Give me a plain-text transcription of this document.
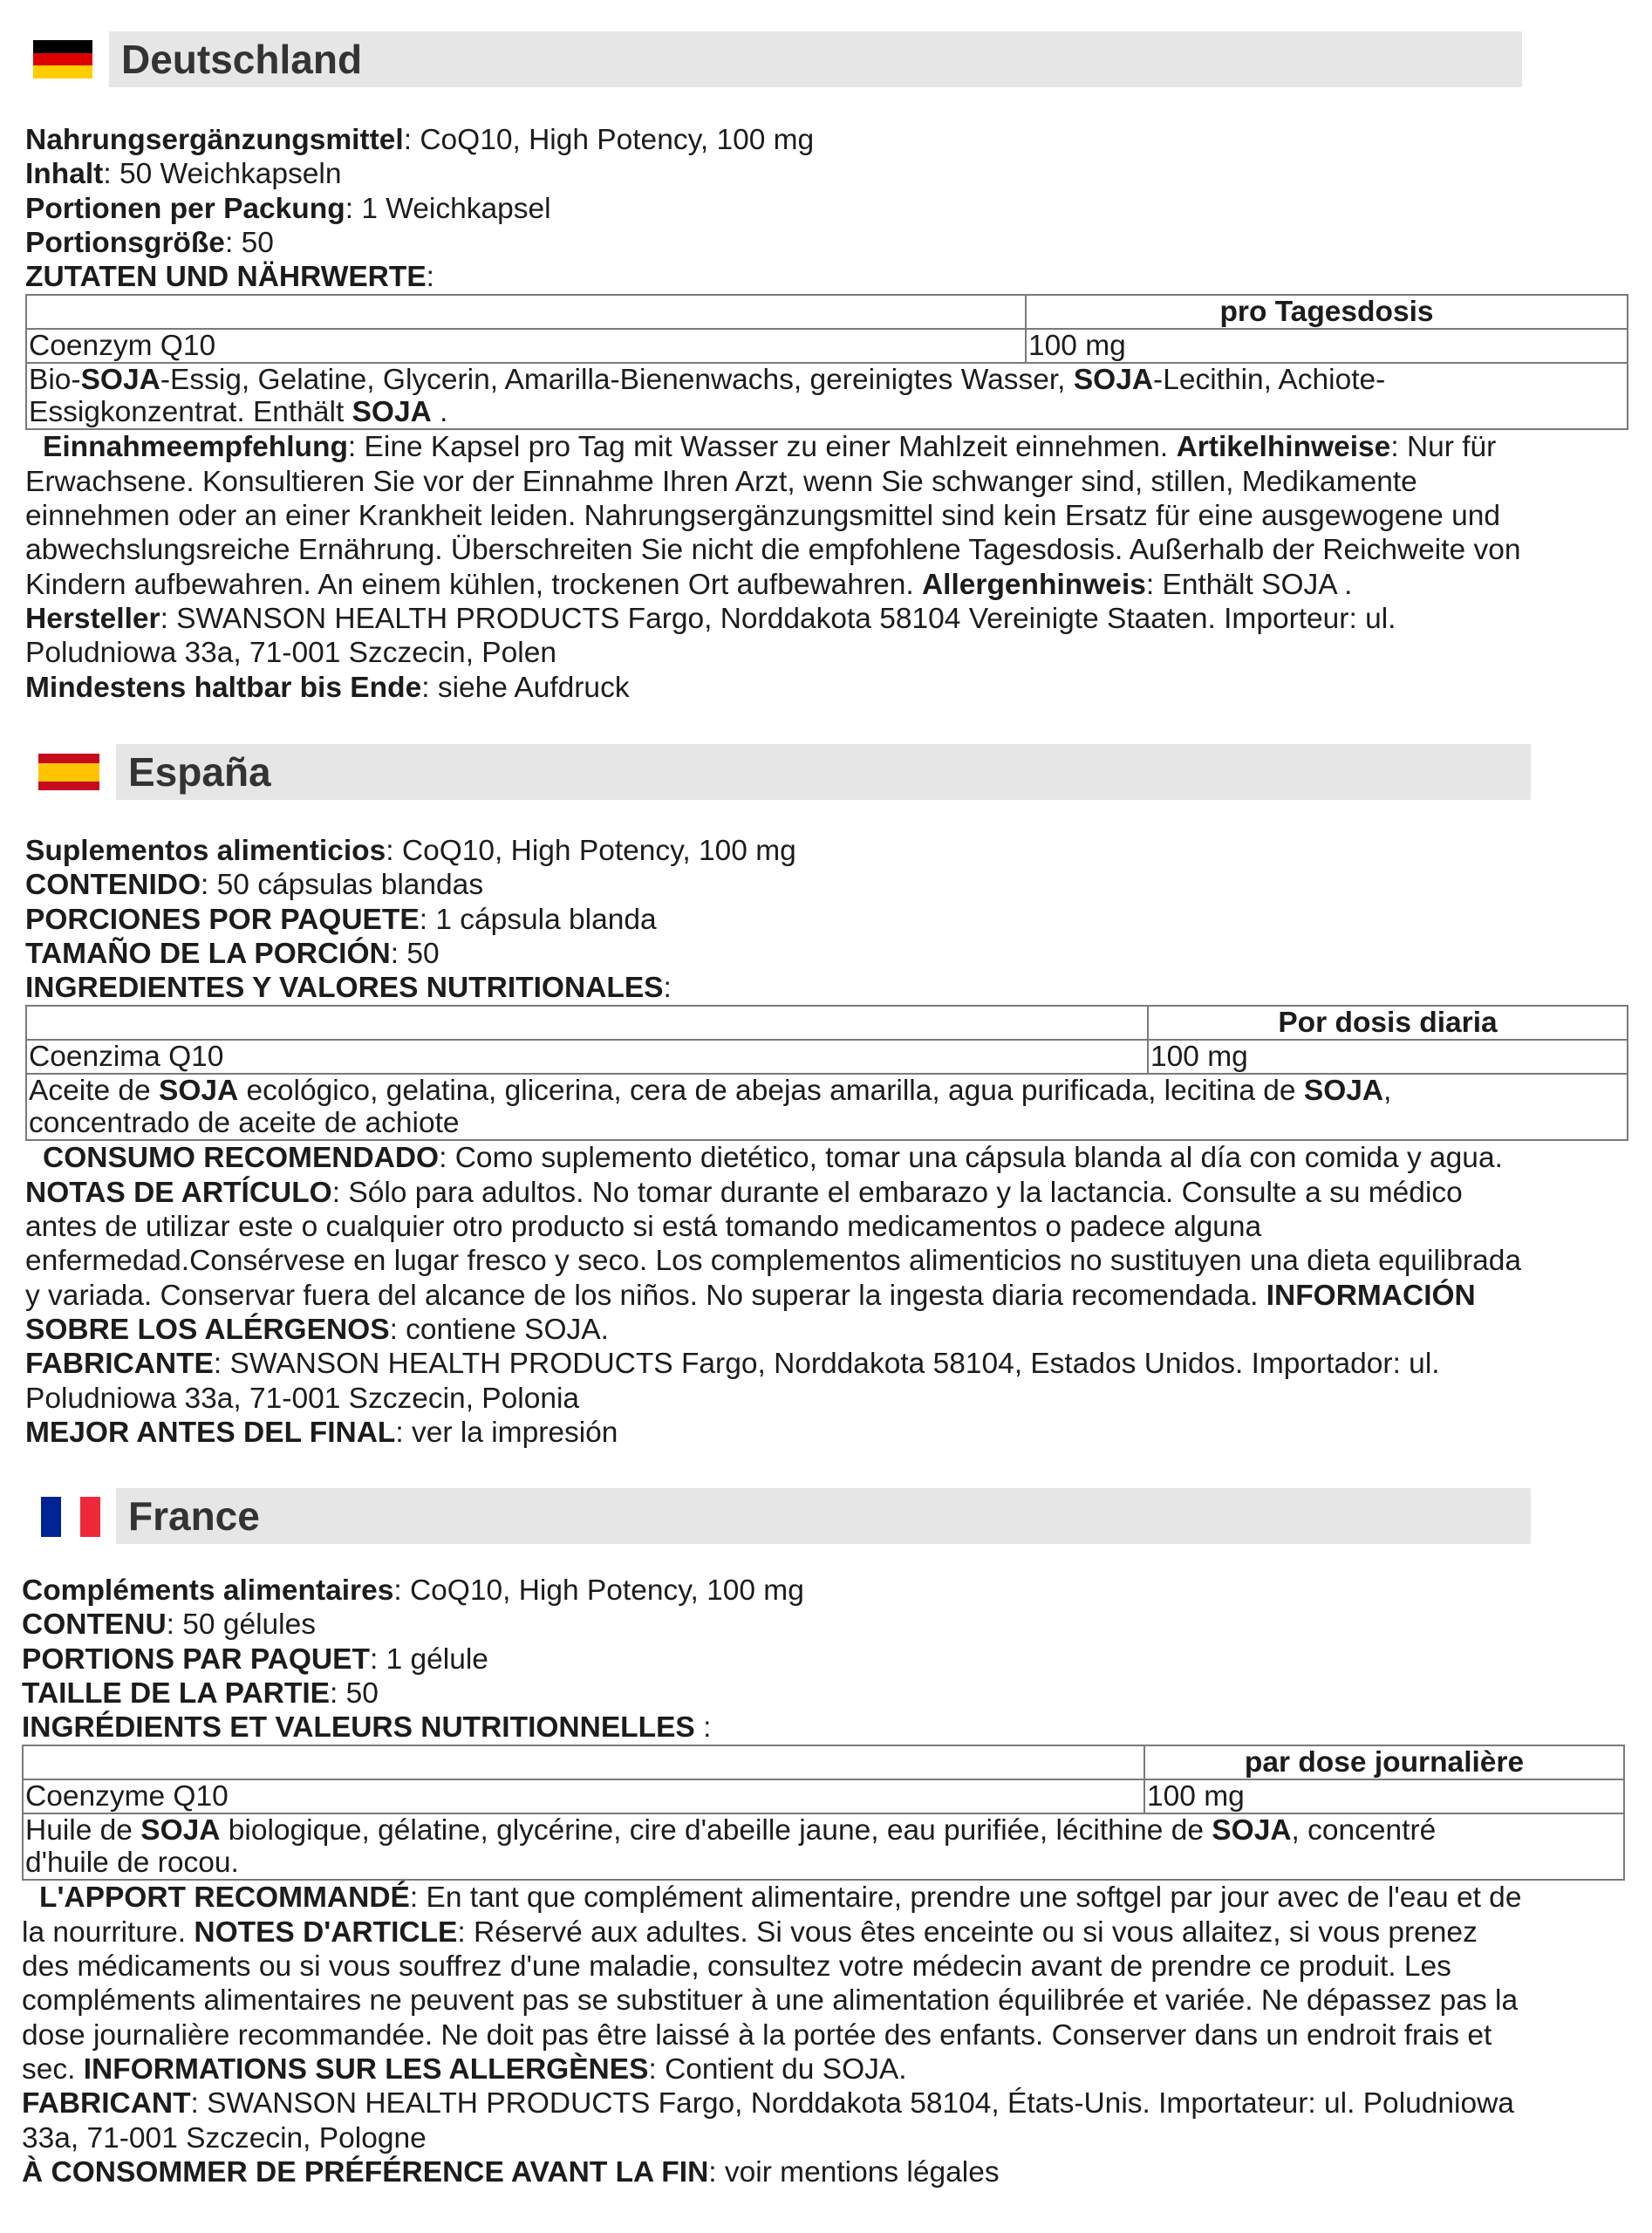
Deutschland
Nahrungsergänzungsmittel: CoQ10, High Potency, 100 mg
Inhalt: 50 Weichkapseln
Portionen per Packung: 1 Weichkapsel
Portionsgröße: 50
ZUTATEN UND NÄHRWERTE:
	pro Tagesdosis
Coenzym Q10	100 mg

Bio-SOJA-Essig, Gelatine, Glycerin, Amarilla-Bienenwachs, gereinigtes Wasser, SOJA-Lecithin, Achiote-
Essigkonzentrat. Enthält SOJA .	
Einnahmeempfehlung: Eine Kapsel pro Tag mit Wasser zu einer Mahlzeit einnehmen. Artikelhinweise: Nur für
Erwachsene. Konsultieren Sie vor der Einnahme Ihren Arzt, wenn Sie schwanger sind, stillen, Medikamente
einnehmen oder an einer Krankheit leiden. Nahrungsergänzungsmittel sind kein Ersatz für eine ausgewogene und
abwechslungsreiche Ernährung. Überschreiten Sie nicht die empfohlene Tagesdosis. Außerhalb der Reichweite von
Kindern aufbewahren. An einem kühlen, trockenen Ort aufbewahren. Allergenhinweis: Enthält SOJA .
Hersteller: SWANSON HEALTH PRODUCTS Fargo, Norddakota 58104 Vereinigte Staaten. Importeur: ul.
Poludniowa 33a, 71-001 Szczecin, Polen
Mindestens haltbar bis Ende: siehe Aufdruck
España
Suplementos alimenticios: CoQ10, High Potency, 100 mg
CONTENIDO: 50 cápsulas blandas
PORCIONES POR PAQUETE: 1 cápsula blanda
TAMAÑO DE LA PORCIÓN: 50
INGREDIENTES Y VALORES NUTRITIONALES:
	Por dosis diaria
Coenzima Q10	100 mg

Aceite de SOJA ecológico, gelatina, glicerina, cera de abejas amarilla, agua purificada, lecitina de SOJA,
concentrado de aceite de achiote	
CONSUMO RECOMENDADO: Como suplemento dietético, tomar una cápsula blanda al día con comida y agua.
NOTAS DE ARTÍCULO: Sólo para adultos. No tomar durante el embarazo y la lactancia. Consulte a su médico
antes de utilizar este o cualquier otro producto si está tomando medicamentos o padece alguna
enfermedad.Consérvese en lugar fresco y seco. Los complementos alimenticios no sustituyen una dieta equilibrada
y variada. Conservar fuera del alcance de los niños. No superar la ingesta diaria recomendada. INFORMACIÓN
SOBRE LOS ALÉRGENOS: contiene SOJA.
FABRICANTE: SWANSON HEALTH PRODUCTS Fargo, Norddakota 58104, Estados Unidos. Importador: ul.
Poludniowa 33a, 71-001 Szczecin, Polonia
MEJOR ANTES DEL FINAL: ver la impresión
France
Compléments alimentaires: CoQ10, High Potency, 100 mg
CONTENU: 50 gélules
PORTIONS PAR PAQUET: 1 gélule
TAILLE DE LA PARTIE: 50
INGRÉDIENTS ET VALEURS NUTRITIONNELLES :
	par dose journalière
Coenzyme Q10	100 mg

Huile de SOJA biologique, gélatine, glycérine, cire d'abeille jaune, eau purifiée, lécithine de SOJA, concentré
d'huile de rocou.	
L'APPORT RECOMMANDÉ: En tant que complément alimentaire, prendre une softgel par jour avec de l'eau et de
la nourriture. NOTES D'ARTICLE: Réservé aux adultes. Si vous êtes enceinte ou si vous allaitez, si vous prenez
des médicaments ou si vous souffrez d'une maladie, consultez votre médecin avant de prendre ce produit. Les
compléments alimentaires ne peuvent pas se substituer à une alimentation équilibrée et variée. Ne dépassez pas la
dose journalière recommandée. Ne doit pas être laissé à la portée des enfants. Conserver dans un endroit frais et
sec. INFORMATIONS SUR LES ALLERGÈNES: Contient du SOJA.
FABRICANT: SWANSON HEALTH PRODUCTS Fargo, Norddakota 58104, États-Unis. Importateur: ul. Poludniowa
33a, 71-001 Szczecin, Pologne
À CONSOMMER DE PRÉFÉRENCE AVANT LA FIN: voir mentions légales
